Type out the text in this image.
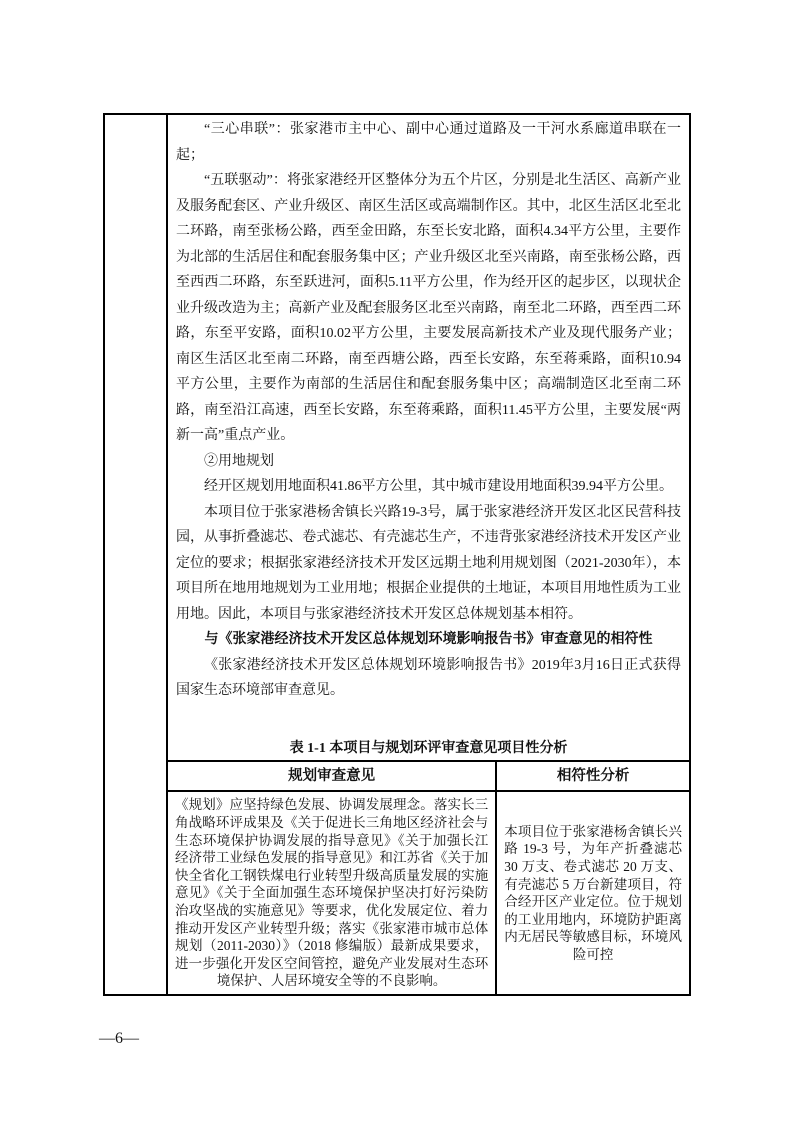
“三心串联”：张家港市主中心、副中心通过道路及一干河水系廊道串联在一起；

“五联驱动”：将张家港经开区整体分为五个片区，分别是北生活区、高新产业及服务配套区、产业升级区、南区生活区或高端制作区。其中，北区生活区北至北二环路，南至张杨公路，西至金田路，东至长安北路，面积4.34平方公里，主要作为北部的生活居住和配套服务集中区；产业升级区北至兴南路，南至张杨公路，西至西西二环路，东至跃进河，面积5.11平方公里，作为经开区的起步区，以现状企业升级改造为主；高新产业及配套服务区北至兴南路，南至北二环路，西至西二环路，东至平安路，面积10.02平方公里，主要发展高新技术产业及现代服务产业；南区生活区北至南二环路，南至西塘公路，西至长安路，东至蒋乘路，面积10.94平方公里，主要作为南部的生活居住和配套服务集中区；高端制造区北至南二环路，南至沿江高速，西至长安路，东至蒋乘路，面积11.45平方公里，主要发展“两新一高”重点产业。

②用地规划

经开区规划用地面积41.86平方公里，其中城市建设用地面积39.94平方公里。

本项目位于张家港杨舍镇长兴路19-3号，属于张家港经济开发区北区民营科技园，从事折叠滤芯、卷式滤芯、有壳滤芯生产，不违背张家港经济技术开发区产业定位的要求；根据张家港经济技术开发区远期土地利用规划图（2021-2030年），本项目所在地用地规划为工业用地；根据企业提供的土地证，本项目用地性质为工业用地。因此，本项目与张家港经济技术开发区总体规划基本相符。

与《张家港经济技术开发区总体规划环境影响报告书》审查意见的相符性

《张家港经济技术开发区总体规划环境影响报告书》2019年3月16日正式获得国家生态环境部审查意见。

表 1-1 本项目与规划环评审查意见项目性分析
规划审查意见	相符性分析
《规划》应坚持绿色发展、协调发展理念。落实长三角战略环评成果及《关于促进长三角地区经济社会与生态环境保护协调发展的指导意见》《关于加强长江经济带工业绿色发展的指导意见》和江苏省《关于加快全省化工钢铁煤电行业转型升级高质量发展的实施意见》《关于全面加强生态环境保护坚决打好污染防治攻坚战的实施意见》等要求，优化发展定位、着力推动开发区产业转型升级；落实《张家港市城市总体规划（2011-2030）》（2018 修编版）最新成果要求，进一步强化开发区空间管控，避免产业发展对生态环境保护、人居环境安全等的不良影响。	本项目位于张家港杨舍镇长兴路 19-3 号，为年产折叠滤芯 30 万支、卷式滤芯 20 万支、有壳滤芯 5 万台新建项目，符合经开区产业定位。位于规划的工业用地内，环境防护距离内无居民等敏感目标，环境风险可控
—6—
